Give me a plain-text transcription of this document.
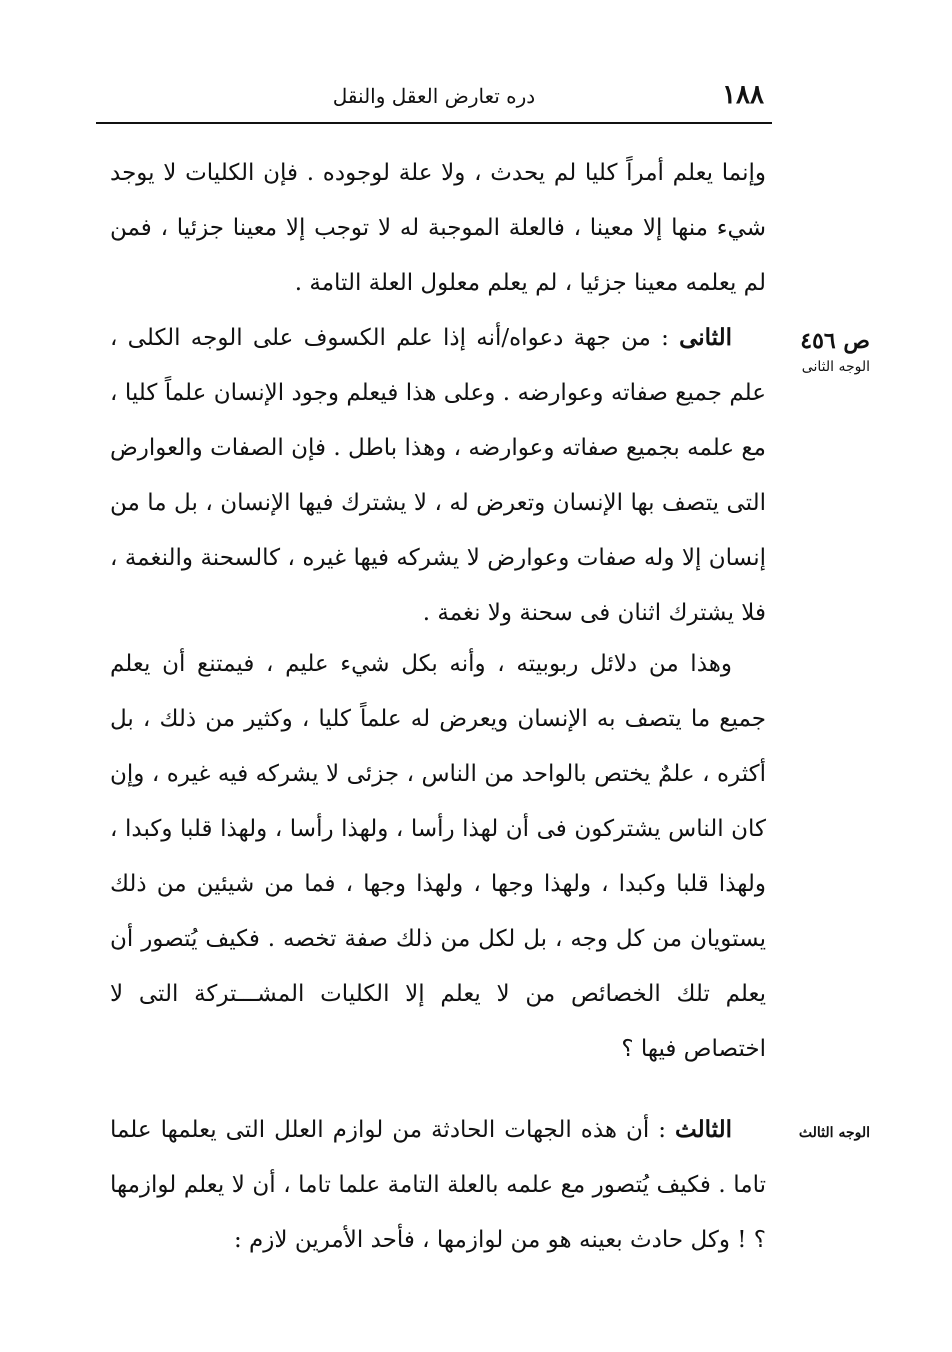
١٨٨
دره تعارض العقل والنقل
وإنما يعلم أمراً كليا لم يحدث ، ولا علة لوجوده . فإن الكليات لا يوجد شيء منها إلا معينا ، فالعلة الموجبة له لا توجب إلا معينا جزئيا ، فمن لم يعلمه معينا جزئيا ، لم يعلم معلول العلة التامة .
ص ٤٥٦
الوجه الثانى
الثانى : من جهة دعواه/أنه إذا علم الكسوف على الوجه الكلى ، علم جميع صفاته وعوارضه . وعلى هذا فيعلم وجود الإنسان علماً كليا ، مع علمه بجميع صفاته وعوارضه ، وهذا باطل . فإن الصفات والعوارض التى يتصف بها الإنسان وتعرض له ، لا يشترك فيها الإنسان ، بل ما من إنسان إلا وله صفات وعوارض لا يشركه فيها غيره ، كالسحنة والنغمة ، فلا يشترك اثنان فى سحنة ولا نغمة .
وهذا من دلائل ربوبيته ، وأنه بكل شيء عليم ، فيمتنع أن يعلم جميع ما يتصف به الإنسان ويعرض له علماً كليا ، وكثير من ذلك ، بل أكثره ، علمٌ يختص بالواحد من الناس ، جزئى لا يشركه فيه غيره ، وإن كان الناس يشتركون فى أن لهذا رأسا ، ولهذا رأسا ، ولهذا قلبا وكبدا ، ولهذا قلبا وكبدا ، ولهذا وجها ، ولهذا وجها ، فما من شيئين من ذلك يستويان من كل وجه ، بل لكل من ذلك صفة تخصه . فكيف يُتصور أن يعلم تلك الخصائص من لا يعلم إلا الكليات المشـــتركة التى لا اختصاص فيها ؟
الوجه الثالث
الثالث : أن هذه الجهات الحادثة من لوازم العلل التى يعلمها علما تاما . فكيف يُتصور مع علمه بالعلة التامة علما تاما ، أن لا يعلم لوازمها ؟ ! وكل حادث بعينه هو من لوازمها ، فأحد الأمرين لازم :
